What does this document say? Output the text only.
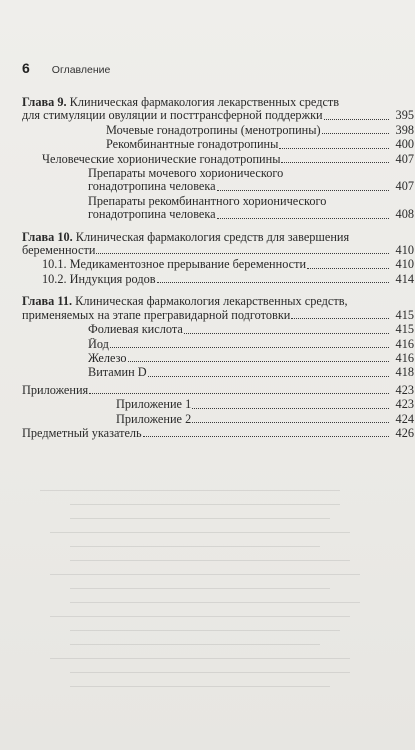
6 Оглавление
Глава 9. Клиническая фармакология лекарственных средств
для стимуляции овуляции и посттрансферной поддержки	395
Мочевые гонадотропины (менотропины)	398
Рекомбинантные гонадотропины	400
Человеческие хорионические гонадотропины	407
Препараты мочевого хорионического
гонадотропина человека	407
Препараты рекомбинантного хорионического
гонадотропина человека	408
Глава 10. Клиническая фармакология средств для завершения
беременности	410
10.1. Медикаментозное прерывание беременности	410
10.2. Индукция родов	414
Глава 11. Клиническая фармакология лекарственных средств,
применяемых на этапе прегравидарной подготовки	415
Фолиевая кислота	415
Йод	416
Железо	416
Витамин D	418
Приложения	423
Приложение 1	423
Приложение 2	424
Предметный указатель	426
